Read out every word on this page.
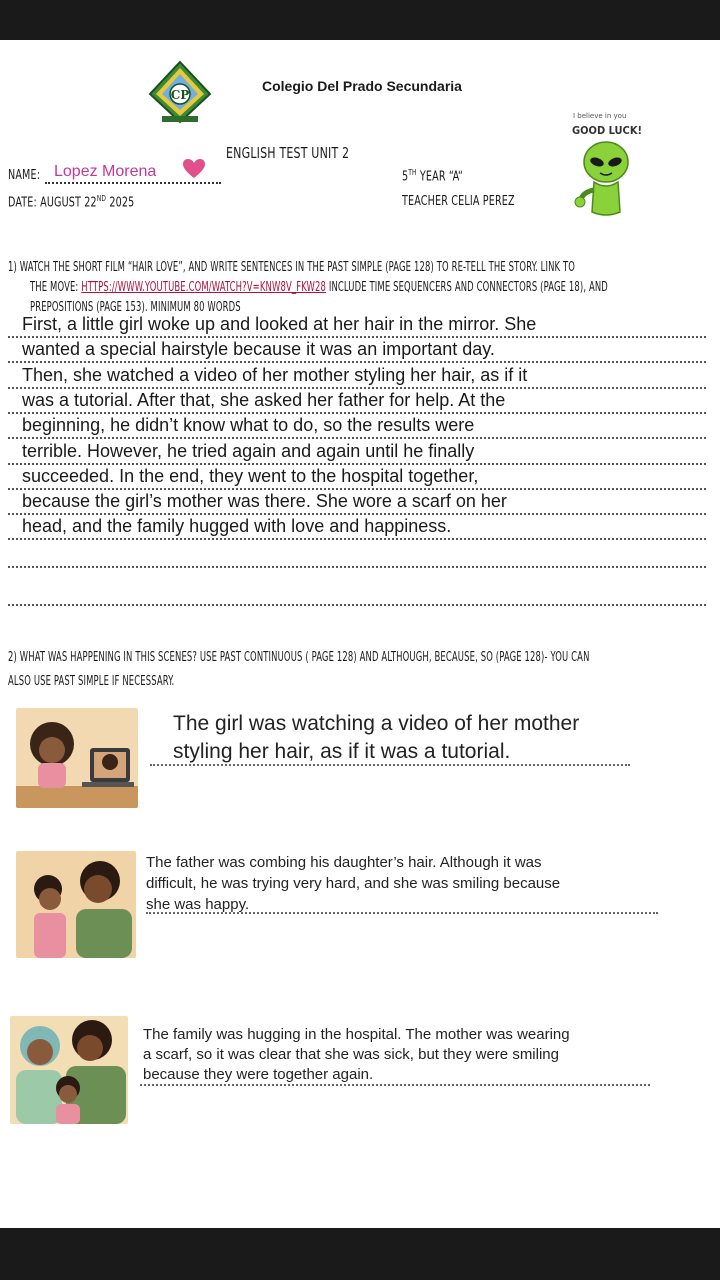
CP
Colegio Del Prado Secundaria
I believe in you
GOOD LUCK!
ENGLISH TEST UNIT 2
NAME: Lopez Morena
DATE: AUGUST 22ND 2025
5TH YEAR “A“
TEACHER CELIA PEREZ
1) WATCH THE SHORT FILM “HAIR LOVE”, AND WRITE SENTENCES IN THE PAST SIMPLE (PAGE 128) TO RE-TELL THE STORY. LINK TO
THE MOVE: HTTPS://WWW.YOUTUBE.COM/WATCH?V=KNW8V_FKW28 INCLUDE TIME SEQUENCERS AND CONNECTORS (PAGE 18), AND
PREPOSITIONS (PAGE 153). MINIMUM 80 WORDS
First, a little girl woke up and looked at her hair in the mirror. She
wanted a special hairstyle because it was an important day.
Then, she watched a video of her mother styling her hair, as if it
was a tutorial. After that, she asked her father for help. At the
beginning, he didn’t know what to do, so the results were
terrible. However, he tried again and again until he finally
succeeded. In the end, they went to the hospital together,
because the girl’s mother was there. She wore a scarf on her
head, and the family hugged with love and happiness.
2) WHAT WAS HAPPENING IN THIS SCENES? USE PAST CONTINUOUS ( PAGE 128) AND ALTHOUGH, BECAUSE, SO (PAGE 128)- YOU CAN
ALSO USE PAST SIMPLE IF NECESSARY.
The girl was watching a video of her mother
styling her hair, as if it was a tutorial.
The father was combing his daughter’s hair. Although it was
difficult, he was trying very hard, and she was smiling because
she was happy.
The family was hugging in the hospital. The mother was wearing
a scarf, so it was clear that she was sick, but they were smiling
because they were together again.
